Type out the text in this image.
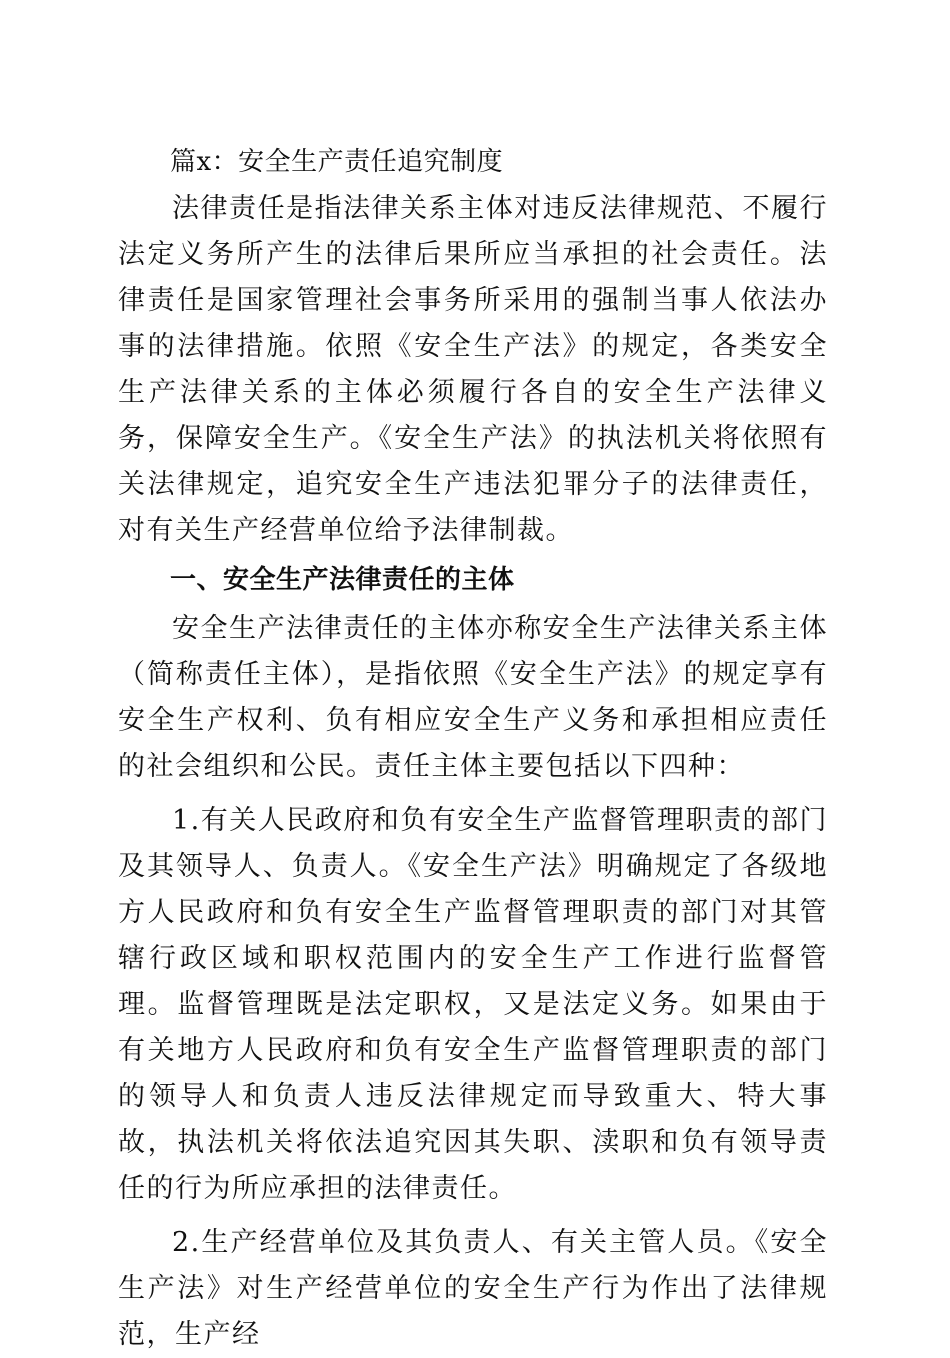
篇x：安全生产责任追究制度

法律责任是指法律关系主体对违反法律规范、不履行法定义务所产生的法律后果所应当承担的社会责任。法律责任是国家管理社会事务所采用的强制当事人依法办事的法律措施。依照《安全生产法》的规定，各类安全生产法律关系的主体必须履行各自的安全生产法律义务，保障安全生产。《安全生产法》的执法机关将依照有关法律规定，追究安全生产违法犯罪分子的法律责任，对有关生产经营单位给予法律制裁。

一、安全生产法律责任的主体

安全生产法律责任的主体亦称安全生产法律关系主体（简称责任主体），是指依照《安全生产法》的规定享有安全生产权利、负有相应安全生产义务和承担相应责任的社会组织和公民。责任主体主要包括以下四种：

1.有关人民政府和负有安全生产监督管理职责的部门及其领导人、负责人。《安全生产法》明确规定了各级地方人民政府和负有安全生产监督管理职责的部门对其管辖行政区域和职权范围内的安全生产工作进行监督管理。监督管理既是法定职权，又是法定义务。如果由于有关地方人民政府和负有安全生产监督管理职责的部门的领导人和负责人违反法律规定而导致重大、特大事故，执法机关将依法追究因其失职、渎职和负有领导责任的行为所应承担的法律责任。

2.生产经营单位及其负责人、有关主管人员。《安全生产法》对生产经营单位的安全生产行为作出了法律规范，生产经
